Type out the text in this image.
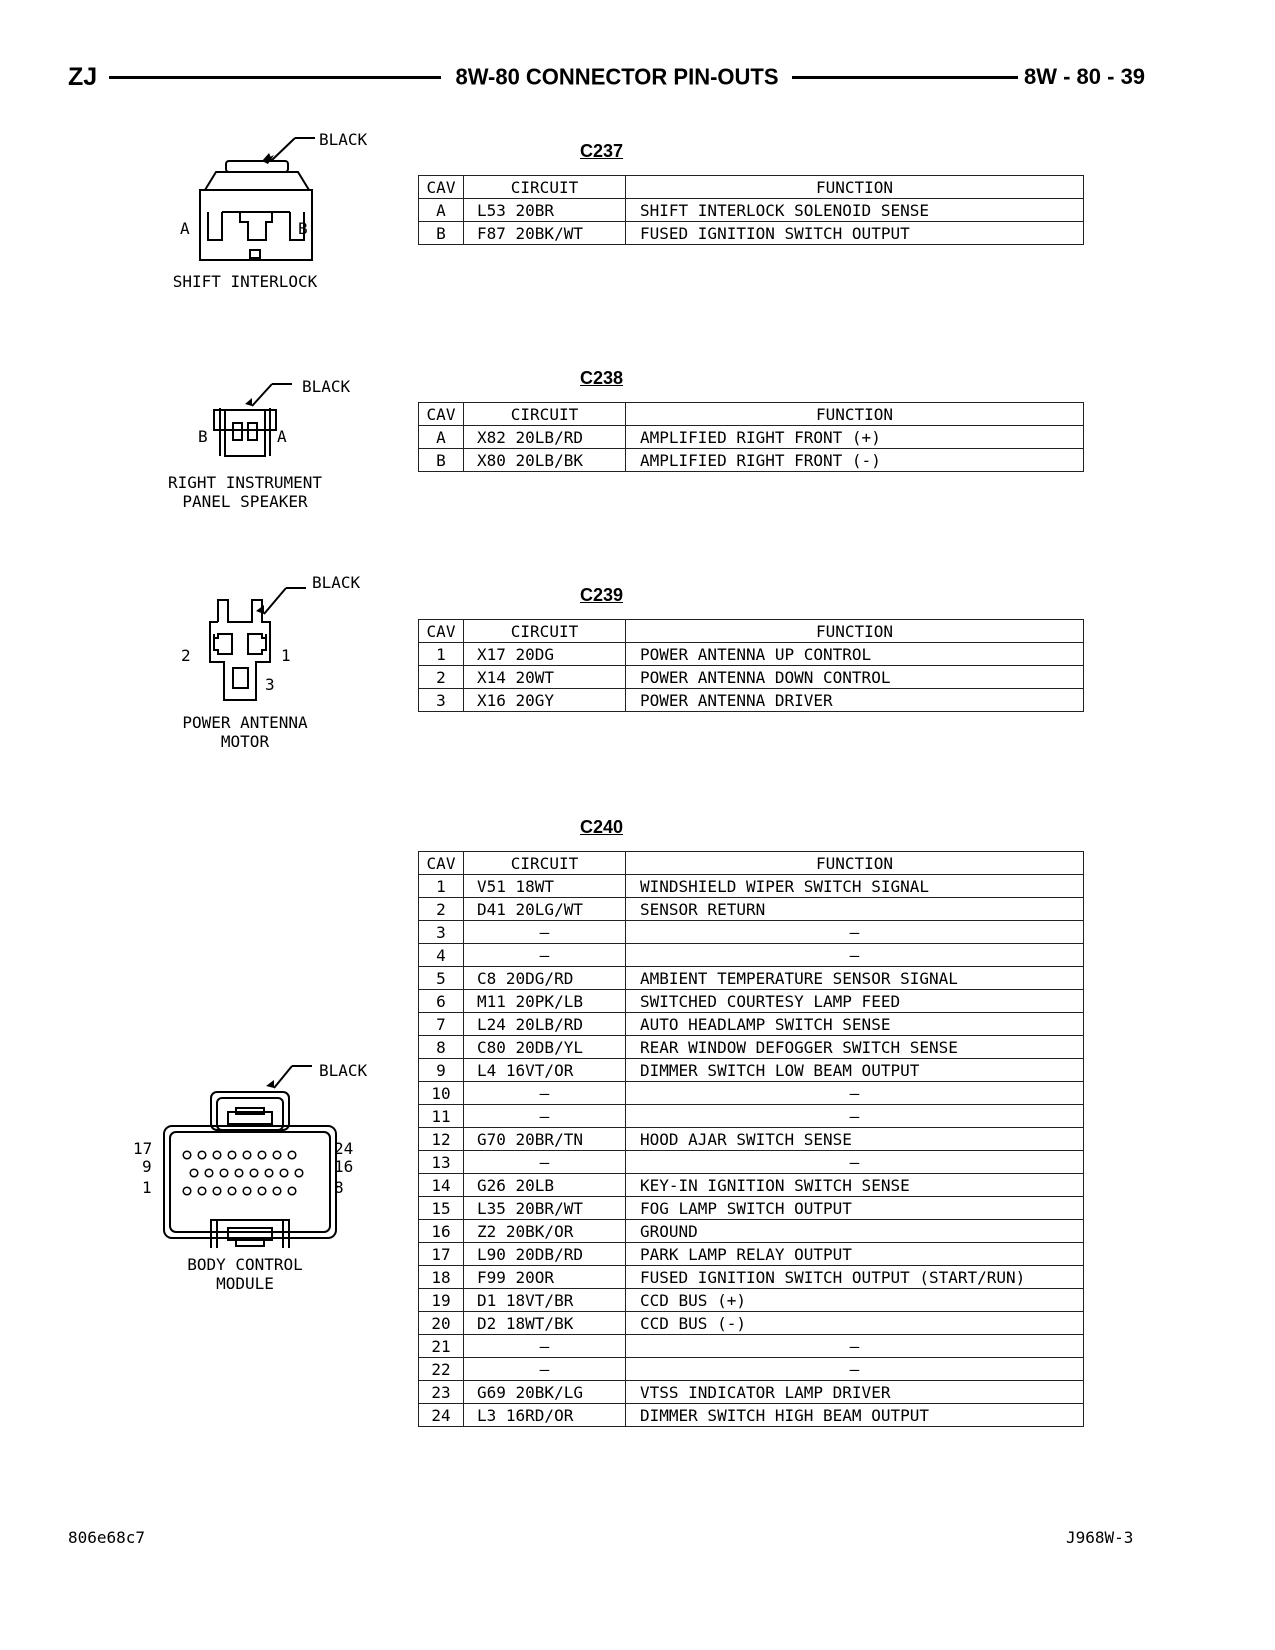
ZJ	8W-80 CONNECTOR PIN-OUTS	8W - 80 - 39
C237
CAV	CIRCUIT	FUNCTION
A	L53 20BR	SHIFT INTERLOCK SOLENOID SENSE
B	F87 20BK/WT	FUSED IGNITION SWITCH OUTPUT
BLACK
A	B
SHIFT INTERLOCK
C238
CAV	CIRCUIT	FUNCTION
A	X82 20LB/RD	AMPLIFIED RIGHT FRONT (+)
B	X80 20LB/BK	AMPLIFIED RIGHT FRONT (-)
BLACK
B	A
RIGHT INSTRUMENT
PANEL SPEAKER
C239
CAV	CIRCUIT	FUNCTION
1	X17 20DG	POWER ANTENNA UP CONTROL
2	X14 20WT	POWER ANTENNA DOWN CONTROL
3	X16 20GY	POWER ANTENNA DRIVER
BLACK
2	1
3
POWER ANTENNA
MOTOR
C240
CAV	CIRCUIT	FUNCTION
1	V51 18WT	WINDSHIELD WIPER SWITCH SIGNAL
2	D41 20LG/WT	SENSOR RETURN
3	–	–
4	–	–
5	C8 20DG/RD	AMBIENT TEMPERATURE SENSOR SIGNAL
6	M11 20PK/LB	SWITCHED COURTESY LAMP FEED
7	L24 20LB/RD	AUTO HEADLAMP SWITCH SENSE
8	C80 20DB/YL	REAR WINDOW DEFOGGER SWITCH SENSE
9	L4 16VT/OR	DIMMER SWITCH LOW BEAM OUTPUT
10	–	–
11	–	–
12	G70 20BR/TN	HOOD AJAR SWITCH SENSE
13	–	–
14	G26 20LB	KEY-IN IGNITION SWITCH SENSE
15	L35 20BR/WT	FOG LAMP SWITCH OUTPUT
16	Z2 20BK/OR	GROUND
17	L90 20DB/RD	PARK LAMP RELAY OUTPUT
18	F99 20OR	FUSED IGNITION SWITCH OUTPUT (START/RUN)
19	D1 18VT/BR	CCD BUS (+)
20	D2 18WT/BK	CCD BUS (-)
21	–	–
22	–	–
23	G69 20BK/LG	VTSS INDICATOR LAMP DRIVER
24	L3 16RD/OR	DIMMER SWITCH HIGH BEAM OUTPUT
BLACK
17
9
1
24
16
8
BODY CONTROL
MODULE
806e68c7	J968W-3
